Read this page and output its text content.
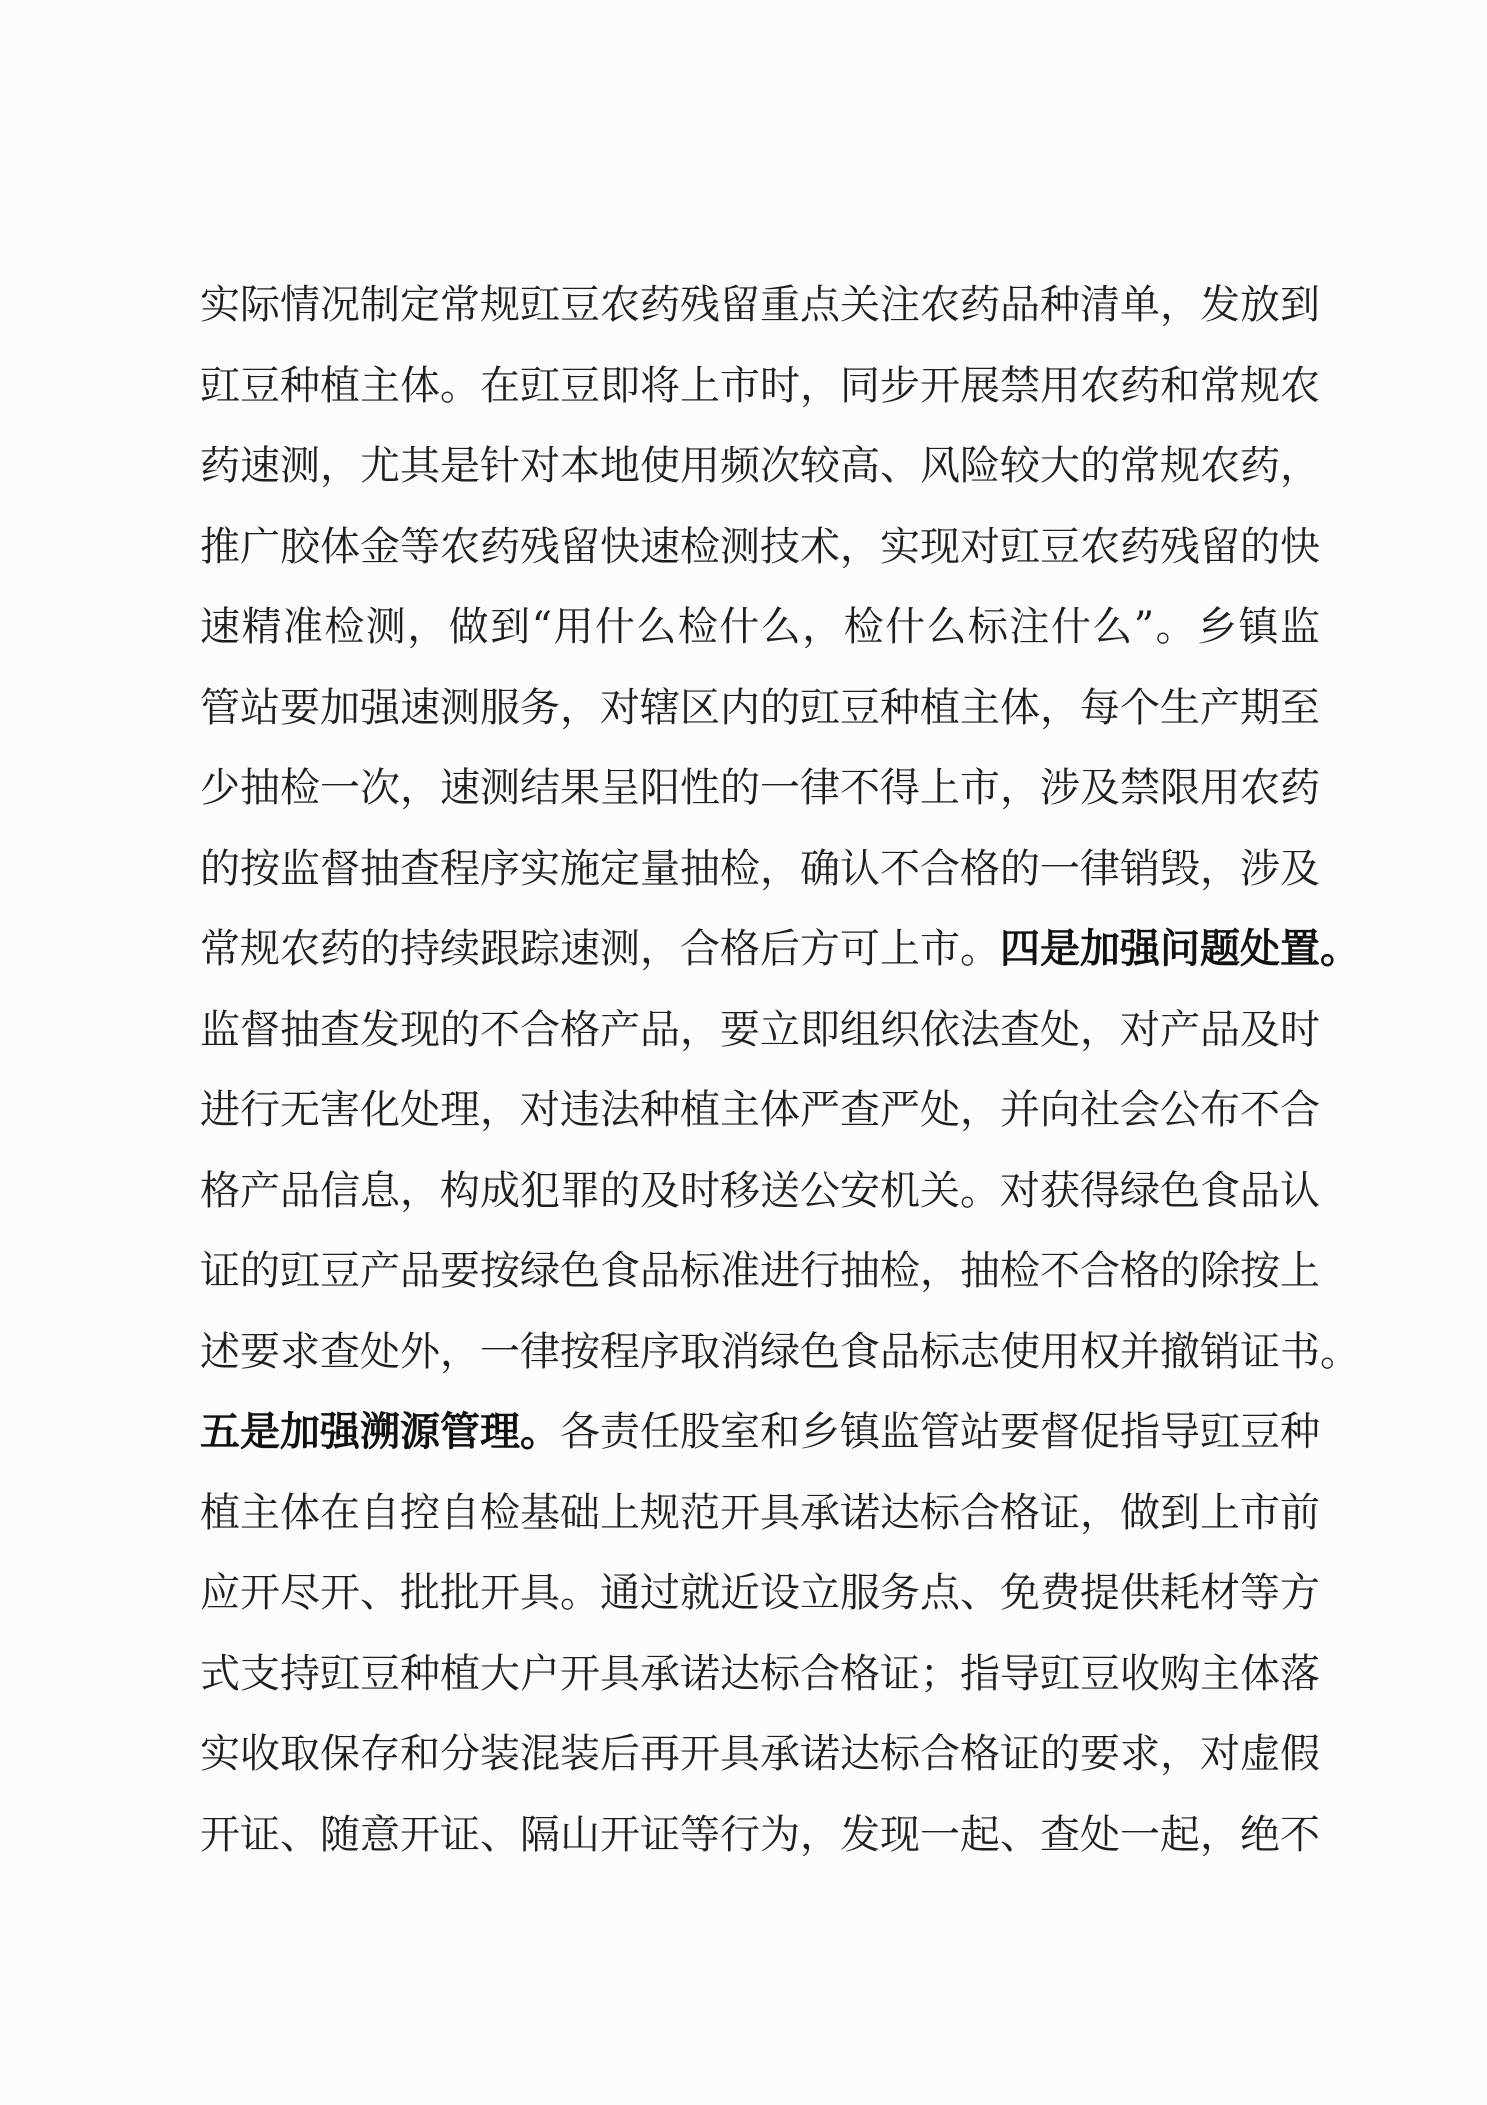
实际情况制定常规豇豆农药残留重点关注农药品种清单，发放到
豇豆种植主体。在豇豆即将上市时，同步开展禁用农药和常规农
药速测，尤其是针对本地使用频次较高、风险较大的常规农药，
推广胶体金等农药残留快速检测技术，实现对豇豆农药残留的快
速精准检测，做到“用什么检什么，检什么标注什么”。乡镇监
管站要加强速测服务，对辖区内的豇豆种植主体，每个生产期至
少抽检一次，速测结果呈阳性的一律不得上市，涉及禁限用农药
的按监督抽查程序实施定量抽检，确认不合格的一律销毁，涉及
常规农药的持续跟踪速测，合格后方可上市。四是加强问题处置。
监督抽查发现的不合格产品，要立即组织依法查处，对产品及时
进行无害化处理，对违法种植主体严查严处，并向社会公布不合
格产品信息，构成犯罪的及时移送公安机关。对获得绿色食品认
证的豇豆产品要按绿色食品标准进行抽检，抽检不合格的除按上
述要求查处外，一律按程序取消绿色食品标志使用权并撤销证书。
五是加强溯源管理。各责任股室和乡镇监管站要督促指导豇豆种
植主体在自控自检基础上规范开具承诺达标合格证，做到上市前
应开尽开、批批开具。通过就近设立服务点、免费提供耗材等方
式支持豇豆种植大户开具承诺达标合格证；指导豇豆收购主体落
实收取保存和分装混装后再开具承诺达标合格证的要求，对虚假
开证、随意开证、隔山开证等行为，发现一起、查处一起，绝不
